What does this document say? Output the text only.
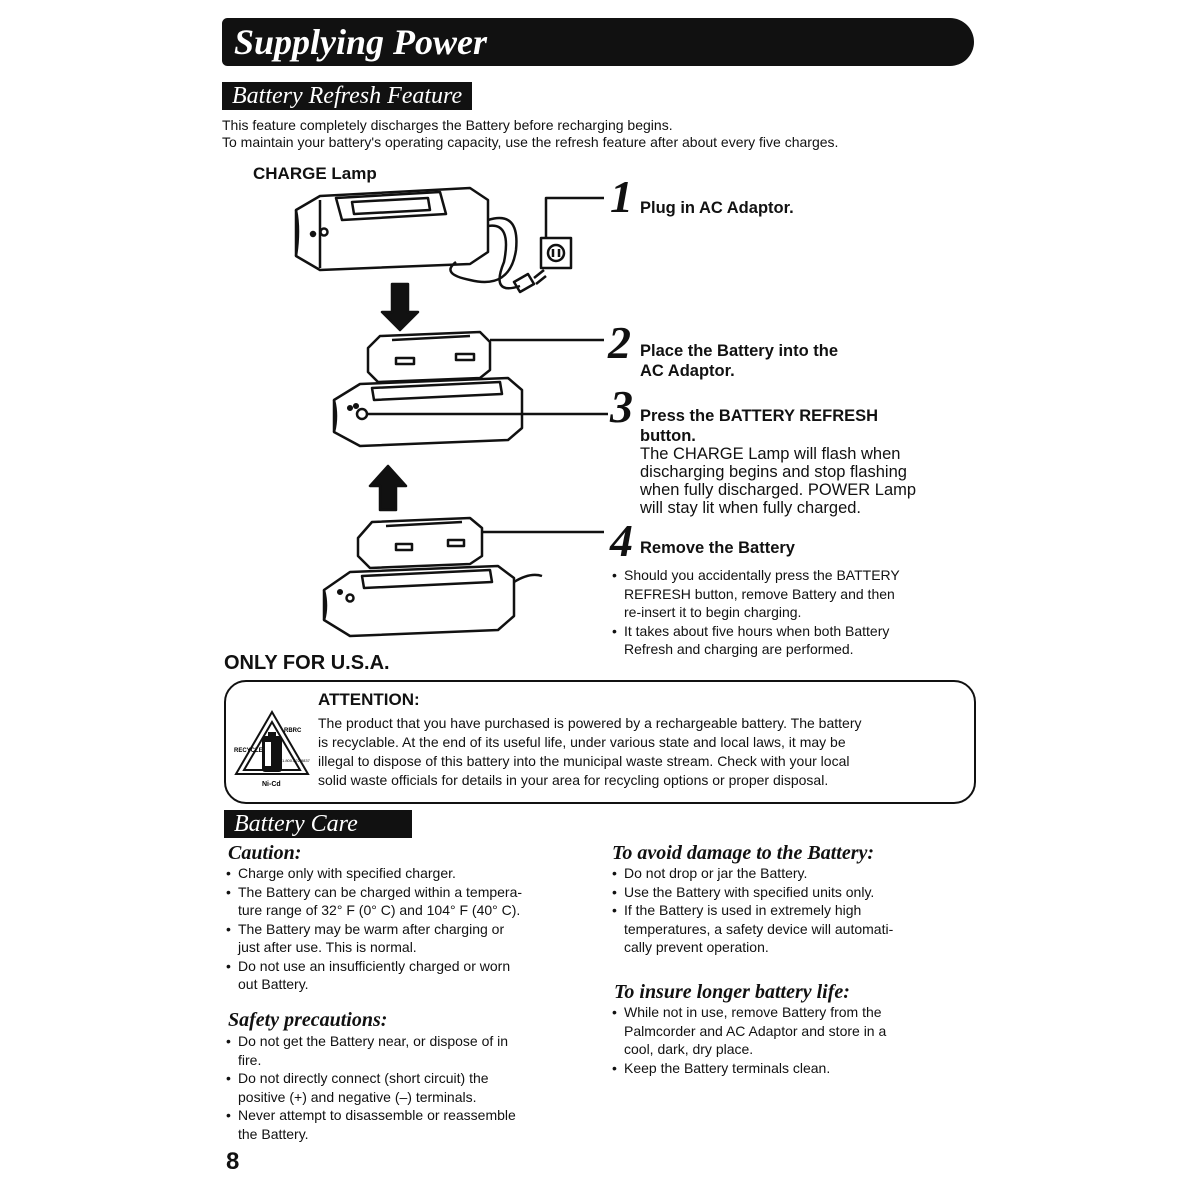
Supplying Power
Battery Refresh Feature
This feature completely discharges the Battery before recharging begins.
To maintain your battery's operating capacity, use the refresh feature after about every five charges.
CHARGE Lamp	1 Plug in AC Adaptor.
2 Place the Battery into the
AC Adaptor.
3 Press the BATTERY REFRESH
button.
The CHARGE Lamp will flash when
discharging begins and stop flashing
when fully discharged. POWER Lamp
will stay lit when fully charged.
4 Remove the Battery
• Should you accidentally press the BATTERY
REFRESH button, remove Battery and then
re-insert it to begin charging.
• It takes about five hours when both Battery
Refresh and charging are performed.
ONLY FOR U.S.A.
RBRC
RECYCLE
Ni-Cd
1.800.822.8837
ATTENTION:
The product that you have purchased is powered by a rechargeable battery. The battery
is recyclable. At the end of its useful life, under various state and local laws, it may be
illegal to dispose of this battery into the municipal waste stream. Check with your local
solid waste officials for details in your area for recycling options or proper disposal.
Battery Care
Caution:
• Charge only with specified charger.
• The Battery can be charged within a tempera-
ture range of 32° F (0° C) and 104° F (40° C).
• The Battery may be warm after charging or
just after use. This is normal.
• Do not use an insufficiently charged or worn
out Battery.
Safety precautions:
• Do not get the Battery near, or dispose of in
fire.
• Do not directly connect (short circuit) the
positive (+) and negative (–) terminals.
• Never attempt to disassemble or reassemble
the Battery.
To avoid damage to the Battery:
• Do not drop or jar the Battery.
• Use the Battery with specified units only.
• If the Battery is used in extremely high
temperatures, a safety device will automati-
cally prevent operation.
To insure longer battery life:
• While not in use, remove Battery from the
Palmcorder and AC Adaptor and store in a
cool, dark, dry place.
• Keep the Battery terminals clean.
8
